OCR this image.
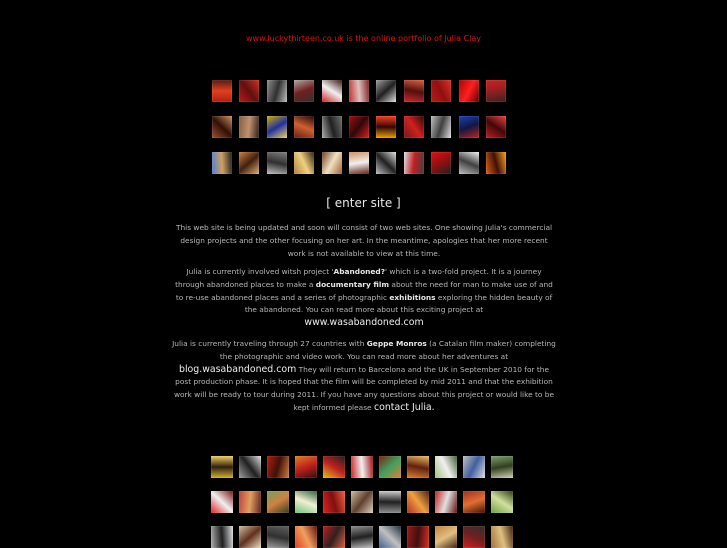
www.luckythirteen.co.uk is the online portfolio of Julia Clay
[ enter site ]
This web site is being updated and soon will consist of two web sites. One showing Julia's commercial design projects and the other focusing on her art. In the meantime, apologies that her more recent work is not available to view at this time.
Julia is currently involved witsh project 'Abandoned?' which is a two-fold project. It is a journey through abandoned places to make a documentary film about the need for man to make use of and to re-use abandoned places and a series of photographic exhibitions exploring the hidden beauty of the abandoned. You can read more about this exciting project at
www.wasabandoned.com
Julia is currently traveling through 27 countries with Geppe Monros (a Catalan film maker) completing the photographic and video work. You can read more about her adventures at
blog.wasabandoned.com They will return to Barcelona and the UK in September 2010 for the post production phase. It is hoped that the film will be completed by mid 2011 and that the exhibition work will be ready to tour during 2011. If you have any questions about this project or would like to be kept informed please contact Julia.
